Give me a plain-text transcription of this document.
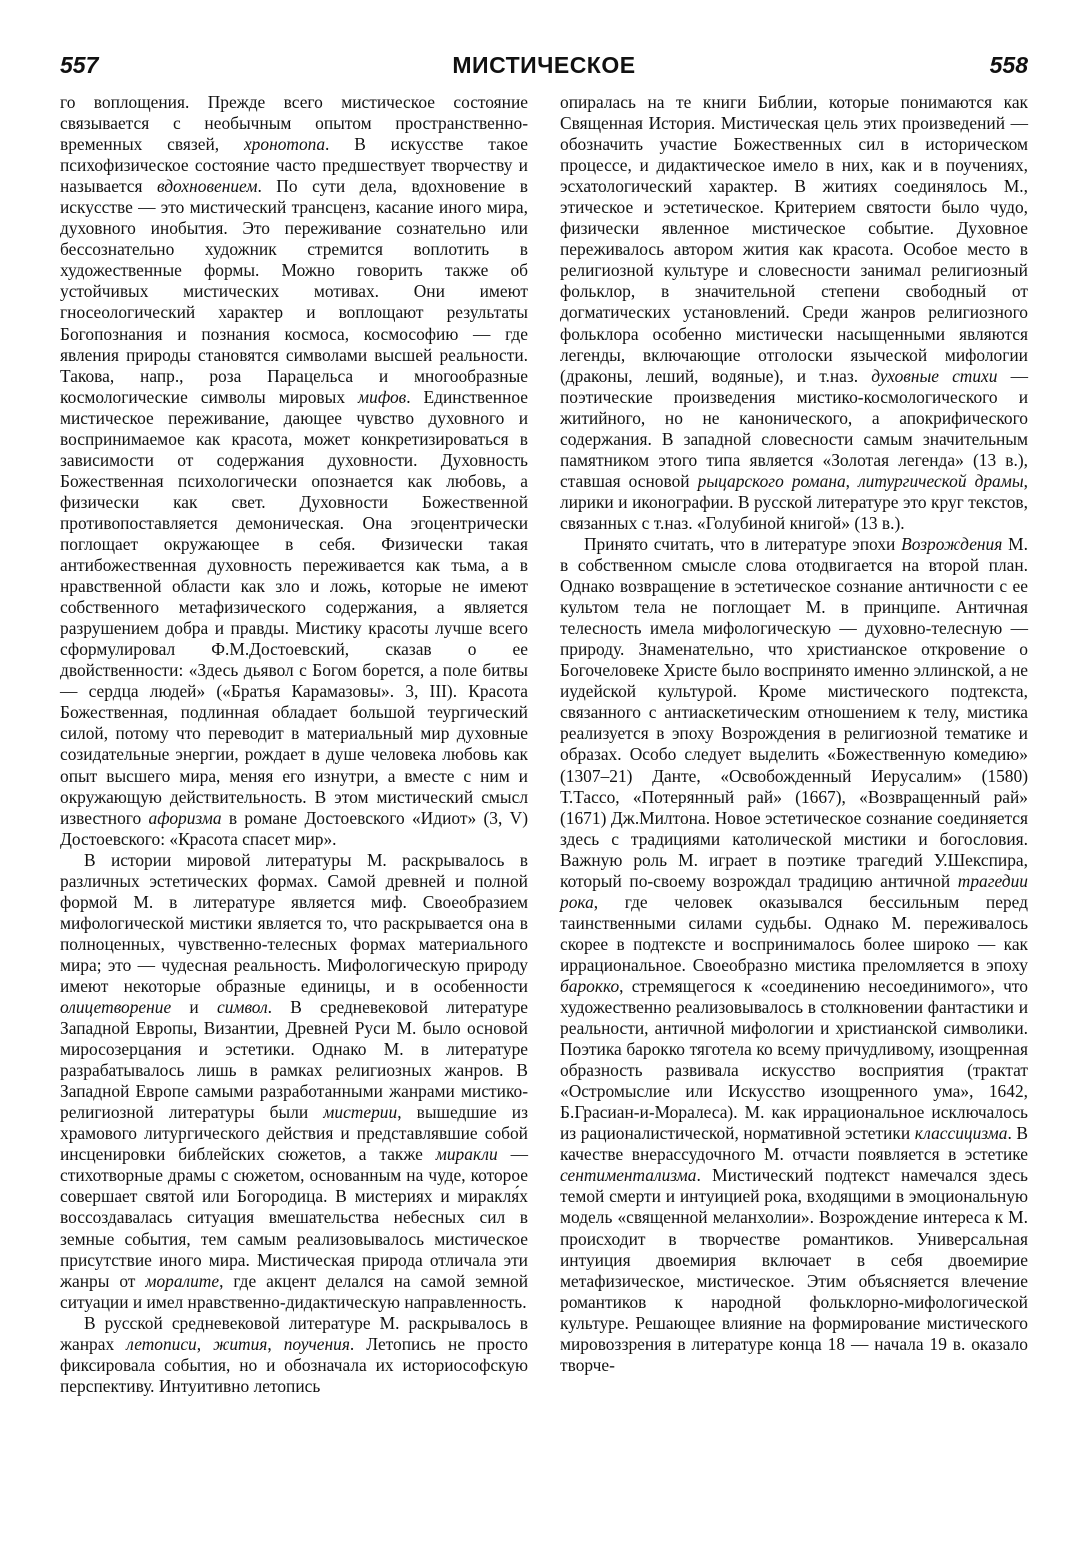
557	МИСТИЧЕСКОЕ	558

го воплощения. Прежде всего мистическое состояние связывается с необычным опытом пространственно-временных связей, хронотопа. В искусстве такое психофизическое состояние часто предшествует творчеству и называется вдохновением. По сути дела, вдохновение в искусстве — это мистический трансценз, касание иного мира, духовного инобытия. Это переживание сознательно или бессознательно художник стремится воплотить в художественные формы. Можно говорить также об устойчивых мистических мотивах. Они имеют гносеологический характер и воплощают результаты Богопознания и познания космоса, космософию — где явления природы становятся символами высшей реальности. Такова, напр., роза Парацельса и многообразные космологические символы мировых мифов. Единственное мистическое переживание, дающее чувство духовного и воспринимаемое как красота, может конкретизироваться в зависимости от содержания духовности. Духовность Божественная психологически опознается как любовь, а физически как свет. Духовности Божественной противопоставляется демоническая. Она эгоцентрически поглощает окружающее в себя. Физически такая антибожественная духовность переживается как тьма, а в нравственной области как зло и ложь, которые не имеют собственного метафизического содержания, а является разрушением добра и правды. Мистику красоты лучше всего сформулировал Ф.М.Достоевский, сказав о ее двойственности: «Здесь дьявол с Богом борется, а поле битвы — сердца людей» («Братья Карамазовы». 3, III). Красота Божественная, подлинная обладает большой теургический силой, потому что переводит в материальный мир духовные созидательные энергии, рождает в душе человека любовь как опыт высшего мира, меняя его изнутри, а вместе с ним и окружающую действительность. В этом мистический смысл известного афоризма в романе Достоевского «Идиот» (3, V) Достоевского: «Красота спасет мир».

В истории мировой литературы М. раскрывалось в различных эстетических формах. Самой древней и полной формой М. в литературе является миф. Своеобразием мифологической мистики является то, что раскрывается она в полноценных, чувственно-телесных формах материального мира; это — чудесная реальность. Мифологическую природу имеют некоторые образные единицы, и в особенности олицетворение и символ. В средневековой литературе Западной Европы, Византии, Древней Руси М. было основой миросозерцания и эстетики. Однако М. в литературе разрабатывалось лишь в рамках религиозных жанров. В Западной Европе самыми разработанными жанрами мистико-религиозной литературы были мистерии, вышедшие из храмового литургического действия и представлявшие собой инсценировки библейских сюжетов, а также миракли — стихотворные драмы с сюжетом, основанным на чуде, которое совершает святой или Богородица. В мистериях и миракля́х воссоздавалась ситуация вмешательства небесных сил в земные события, тем самым реализовывалось мистическое присутствие иного мира. Мистическая природа отличала эти жанры от моралите, где акцент делался на самой земной ситуации и имел нравственно-дидактическую направленность.

В русской средневековой литературе М. раскрывалось в жанрах летописи, жития, поучения. Летопись не просто фиксировала события, но и обозначала их историософскую перспективу. Интуитивно летопись

опиралась на те книги Библии, которые понимаются как Священная История. Мистическая цель этих произведений — обозначить участие Божественных сил в историческом процессе, и дидактическое имело в них, как и в поучениях, эсхатологический характер. В житиях соединялось М., этическое и эстетическое. Критерием святости было чудо, физически явленное мистическое событие. Духовное переживалось автором жития как красота. Особое место в религиозной культуре и словесности занимал религиозный фольклор, в значительной степени свободный от догматических установлений. Среди жанров религиозного фольклора особенно мистически насыщенными являются легенды, включающие отголоски языческой мифологии (драконы, леший, водяные), и т.наз. духовные стихи — поэтические произведения мистико-космологического и житийного, но не канонического, а апокрифического содержания. В западной словесности самым значительным памятником этого типа является «Золотая легенда» (13 в.), ставшая основой рыцарского романа, литургической драмы, лирики и иконографии. В русской литературе это круг текстов, связанных с т.наз. «Голубиной книгой» (13 в.).

Принято считать, что в литературе эпохи Возрождения М. в собственном смысле слова отодвигается на второй план. Однако возвращение в эстетическое сознание античности с ее культом тела не поглощает М. в принципе. Античная телесность имела мифологическую — духовно-телесную — природу. Знаменательно, что христианское откровение о Богочеловеке Христе было воспринято именно эллинской, а не иудейской культурой. Кроме мистического подтекста, связанного с антиаскетическим отношением к телу, мистика реализуется в эпоху Возрождения в религиозной тематике и образах. Особо следует выделить «Божественную комедию» (1307–21) Данте, «Освобожденный Иерусалим» (1580) Т.Тассо, «Потерянный рай» (1667), «Возвращенный рай» (1671) Дж.Милтона. Новое эстетическое сознание соединяется здесь с традициями католической мистики и богословия. Важную роль М. играет в поэтике трагедий У.Шекспира, который по-своему возрождал традицию античной трагедии рока, где человек оказывался бессильным перед таинственными силами судьбы. Однако М. переживалось скорее в подтексте и воспринималось более широко — как иррациональное. Своеобразно мистика преломляется в эпоху барокко, стремящегося к «соединению несоединимого», что художественно реализовывалось в столкновении фантастики и реальности, античной мифологии и христианской символики. Поэтика барокко тяготела ко всему причудливому, изощренная образность развивала искусство восприятия (трактат «Остромыслие или Искусство изощренного ума», 1642, Б.Грасиан-и-Моралеса). М. как иррациональное исключалось из рационалистической, нормативной эстетики классицизма. В качестве внерассудочного М. отчасти появляется в эстетике сентиментализма. Мистический подтекст намечался здесь темой смерти и интуицией рока, входящими в эмоциональную модель «священной меланхолии». Возрождение интереса к М. происходит в творчестве романтиков. Универсальная интуиция двоемирия включает в себя двоемирие метафизическое, мистическое. Этим объясняется влечение романтиков к народной фольклорно-мифологической культуре. Решающее влияние на формирование мистического мировоззрения в литературе конца 18 — начала 19 в. оказало творче-
